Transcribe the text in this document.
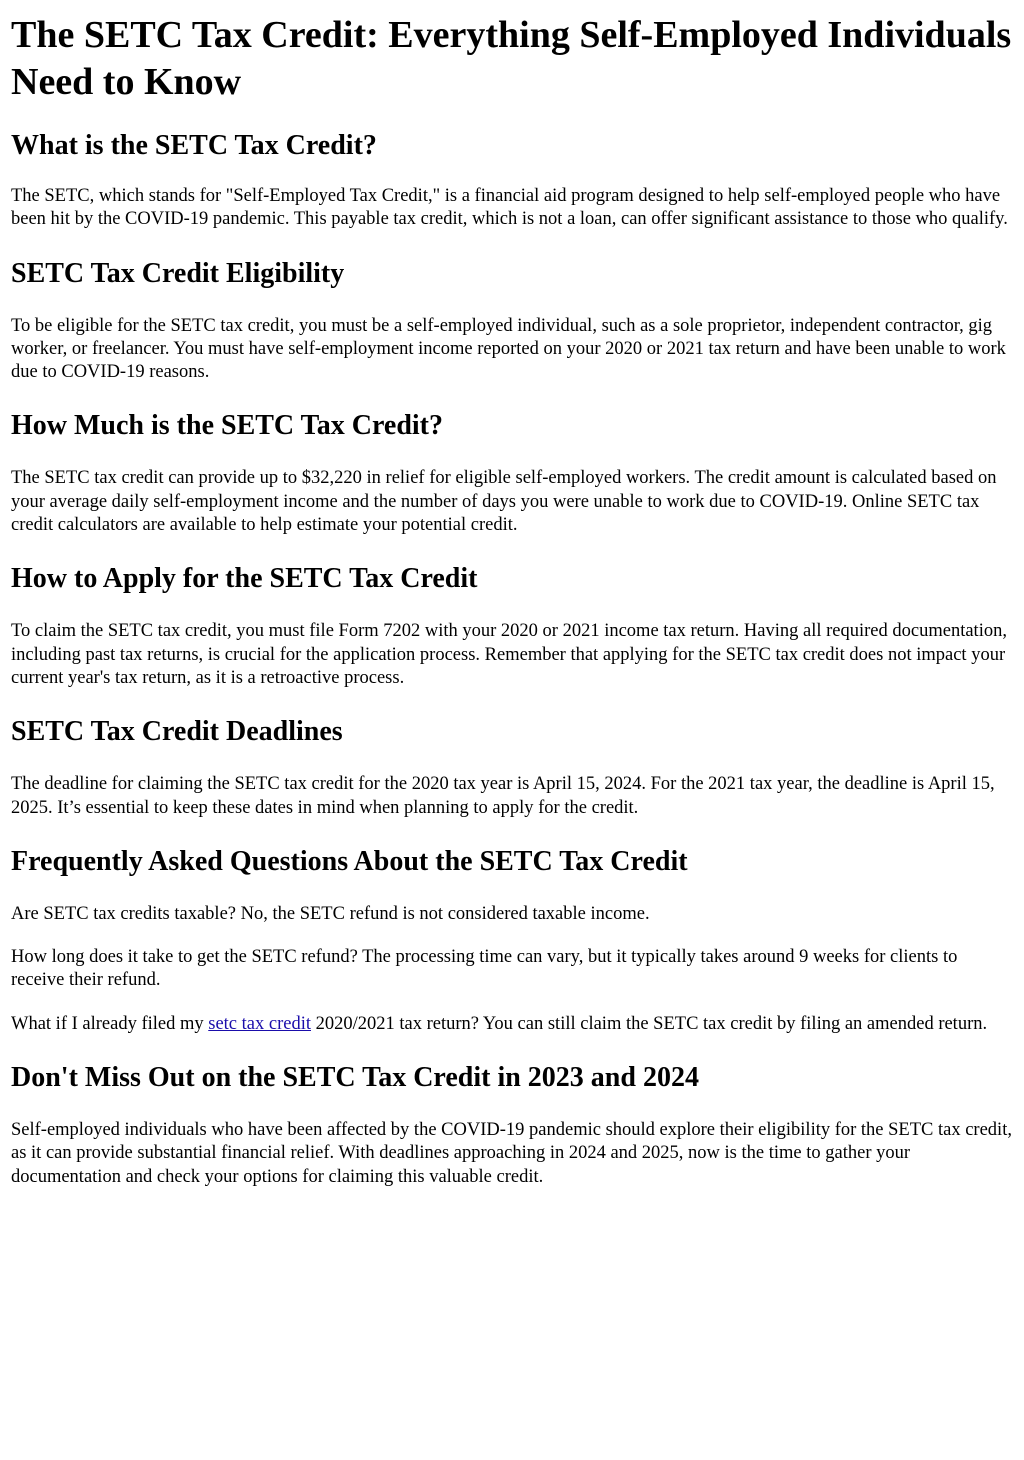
The SETC Tax Credit: Everything Self-Employed Individuals Need to Know
What is the SETC Tax Credit?

The SETC, which stands for "Self-Employed Tax Credit," is a financial aid program designed to help self-employed people who have been hit by the COVID-19 pandemic. This payable tax credit, which is not a loan, can offer significant assistance to those who qualify.

SETC Tax Credit Eligibility

To be eligible for the SETC tax credit, you must be a self-employed individual, such as a sole proprietor, independent contractor, gig worker, or freelancer. You must have self-employment income reported on your 2020 or 2021 tax return and have been unable to work due to COVID-19 reasons.

How Much is the SETC Tax Credit?

The SETC tax credit can provide up to $32,220 in relief for eligible self-employed workers. The credit amount is calculated based on your average daily self-employment income and the number of days you were unable to work due to COVID-19. Online SETC tax credit calculators are available to help estimate your potential credit.

How to Apply for the SETC Tax Credit

To claim the SETC tax credit, you must file Form 7202 with your 2020 or 2021 income tax return. Having all required documentation, including past tax returns, is crucial for the application process. Remember that applying for the SETC tax credit does not impact your current year's tax return, as it is a retroactive process.

SETC Tax Credit Deadlines

The deadline for claiming the SETC tax credit for the 2020 tax year is April 15, 2024. For the 2021 tax year, the deadline is April 15, 2025. It’s essential to keep these dates in mind when planning to apply for the credit.

Frequently Asked Questions About the SETC Tax Credit

Are SETC tax credits taxable? No, the SETC refund is not considered taxable income.

How long does it take to get the SETC refund? The processing time can vary, but it typically takes around 9 weeks for clients to receive their refund.

What if I already filed my setc tax credit 2020/2021 tax return? You can still claim the SETC tax credit by filing an amended return.

Don't Miss Out on the SETC Tax Credit in 2023 and 2024

Self-employed individuals who have been affected by the COVID-19 pandemic should explore their eligibility for the SETC tax credit, as it can provide substantial financial relief. With deadlines approaching in 2024 and 2025, now is the time to gather your documentation and check your options for claiming this valuable credit.
